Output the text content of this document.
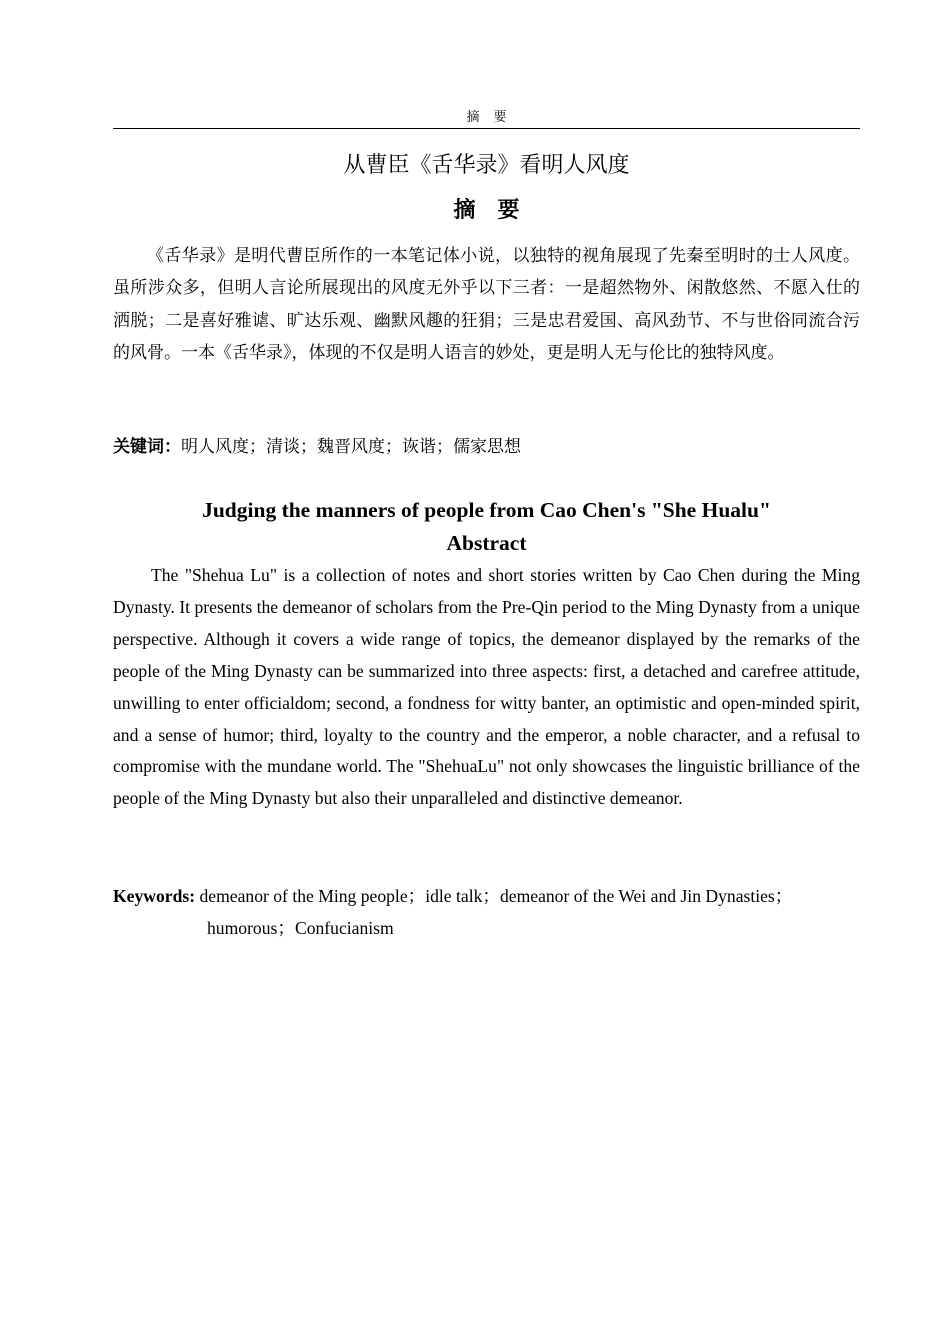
摘要
从曹臣《舌华录》看明人风度
摘要

《舌华录》是明代曹臣所作的一本笔记体小说，以独特的视角展现了先秦至明时的士人风度。虽所涉众多，但明人言论所展现出的风度无外乎以下三者：一是超然物外、闲散悠然、不愿入仕的洒脱；二是喜好雅谑、旷达乐观、幽默风趣的狂狷；三是忠君爱国、高风劲节、不与世俗同流合污的风骨。一本《舌华录》，体现的不仅是明人语言的妙处，更是明人无与伦比的独特风度。

关键词：明人风度；清谈；魏晋风度；诙谐；儒家思想

Judging the manners of people from Cao Chen's "She Hualu"
Abstract

The "Shehua Lu" is a collection of notes and short stories written by Cao Chen during the Ming Dynasty. It presents the demeanor of scholars from the Pre-Qin period to the Ming Dynasty from a unique perspective. Although it covers a wide range of topics, the demeanor displayed by the remarks of the people of the Ming Dynasty can be summarized into three aspects: first, a detached and carefree attitude, unwilling to enter officialdom; second, a fondness for witty banter, an optimistic and open-minded spirit, and a sense of humor; third, loyalty to the country and the emperor, a noble character, and a refusal to compromise with the mundane world. The "ShehuaLu" not only showcases the linguistic brilliance of the people of the Ming Dynasty but also their unparalleled and distinctive demeanor.

Keywords: demeanor of the Ming people；idle talk；demeanor of the Wei and Jin Dynasties；humorous；Confucianism
